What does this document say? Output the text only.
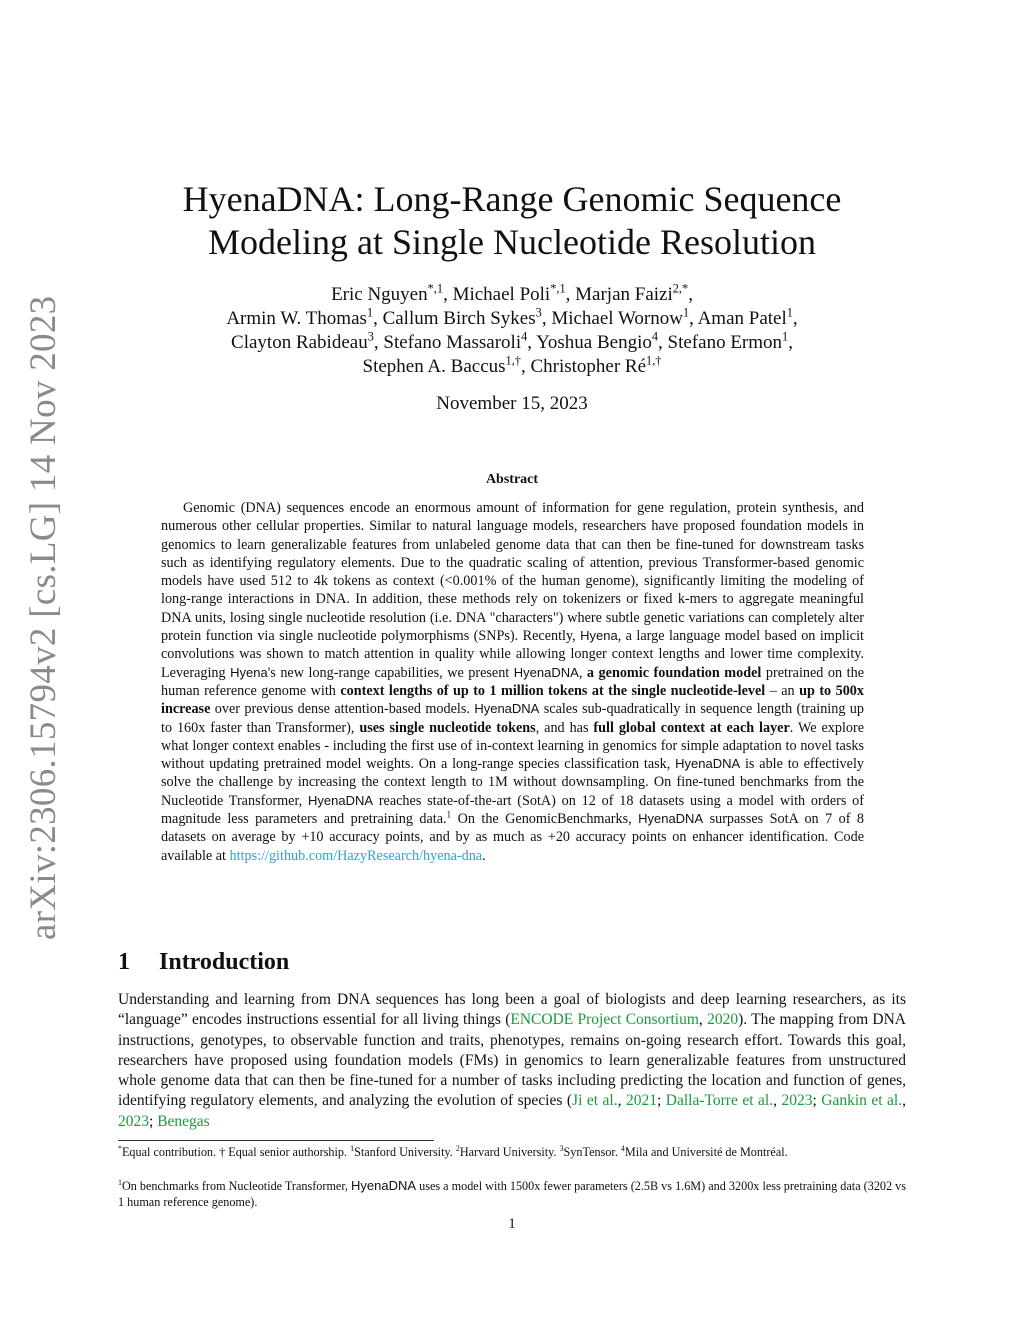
arXiv:2306.15794v2 [cs.LG] 14 Nov 2023
HyenaDNA: Long-Range Genomic Sequence
Modeling at Single Nucleotide Resolution
Eric Nguyen$^{*,1}$, Michael Poli$^{*,1}$, Marjan Faizi$^{2,*}$,
Armin W. Thomas$^1$, Callum Birch Sykes$^3$, Michael Wornow$^1$, Aman Patel$^1$,
Clayton Rabideau$^3$, Stefano Massaroli$^4$, Yoshua Bengio$^4$, Stefano Ermon$^1$,
Stephen A. Baccus$^{1,\dagger}$, Christopher $Ré^{1,\dagger}$
November 15, 2023
Abstract

Genomic (DNA) sequences encode an enormous amount of information for gene regulation, protein synthesis, and numerous other cellular properties. Similar to natural language models, researchers have proposed foundation models in genomics to learn generalizable features from unlabeled genome data that can then be fine-tuned for downstream tasks such as identifying regulatory elements. Due to the quadratic scaling of attention, previous Transformer-based genomic models have used 512 to 4k tokens as context (<0.001% of the human genome), significantly limiting the modeling of long-range interactions in DNA. In addition, these methods rely on tokenizers or fixed k-mers to aggregate meaningful DNA units, losing single nucleotide resolution (i.e. DNA "characters") where subtle genetic variations can completely alter protein function via single nucleotide polymorphisms (SNPs). Recently, Hyena, a large language model based on implicit convolutions was shown to match attention in quality while allowing longer context lengths and lower time complexity. Leveraging Hyena's new long-range capabilities, we present HyenaDNA, a genomic foundation model pretrained on the human reference genome with context lengths of up to 1 million tokens at the single nucleotide-level – an up to 500x increase over previous dense attention-based models. HyenaDNA scales sub-quadratically in sequence length (training up to 160x faster than Transformer), uses single nucleotide tokens, and has full global context at each layer. We explore what longer context enables - including the first use of in-context learning in genomics for simple adaptation to novel tasks without updating pretrained model weights. On a long-range species classification task, HyenaDNA is able to effectively solve the challenge by increasing the context length to 1M without downsampling. On fine-tuned benchmarks from the Nucleotide Transformer, HyenaDNA reaches state-of-the-art (SotA) on 12 of 18 datasets using a model with orders of magnitude less parameters and pretraining data.$^1$ On the GenomicBenchmarks, HyenaDNA surpasses SotA on 7 of 8 datasets on average by +10 accuracy points, and by as much as +20 accuracy points on enhancer identification. Code available at https://github.com/HazyResearch/hyena-dna.

1 Introduction

Understanding and learning from DNA sequences has long been a goal of biologists and deep learning researchers, as its “language” encodes instructions essential for all living things (ENCODE Project Consortium, 2020). The mapping from DNA instructions, genotypes, to observable function and traits, phenotypes, remains on-going research effort. Towards this goal, researchers have proposed using foundation models (FMs) in genomics to learn generalizable features from unstructured whole genome data that can then be fine-tuned for a number of tasks including predicting the location and function of genes, identifying regulatory elements, and analyzing the evolution of species (Ji et al., 2021; Dalla-Torre et al., 2023; Gankin et al., 2023; Benegas

*Equal contribution. † Equal senior authorship. $^1$Stanford University. $^2$Harvard University. $^3$SynTensor. $^4$Mila and Université de Montréal.

$^1$On benchmarks from Nucleotide Transformer, HyenaDNA uses a model with 1500x fewer parameters (2.5B vs 1.6M) and 3200x less pretraining data (3202 vs 1 human reference genome).

1
